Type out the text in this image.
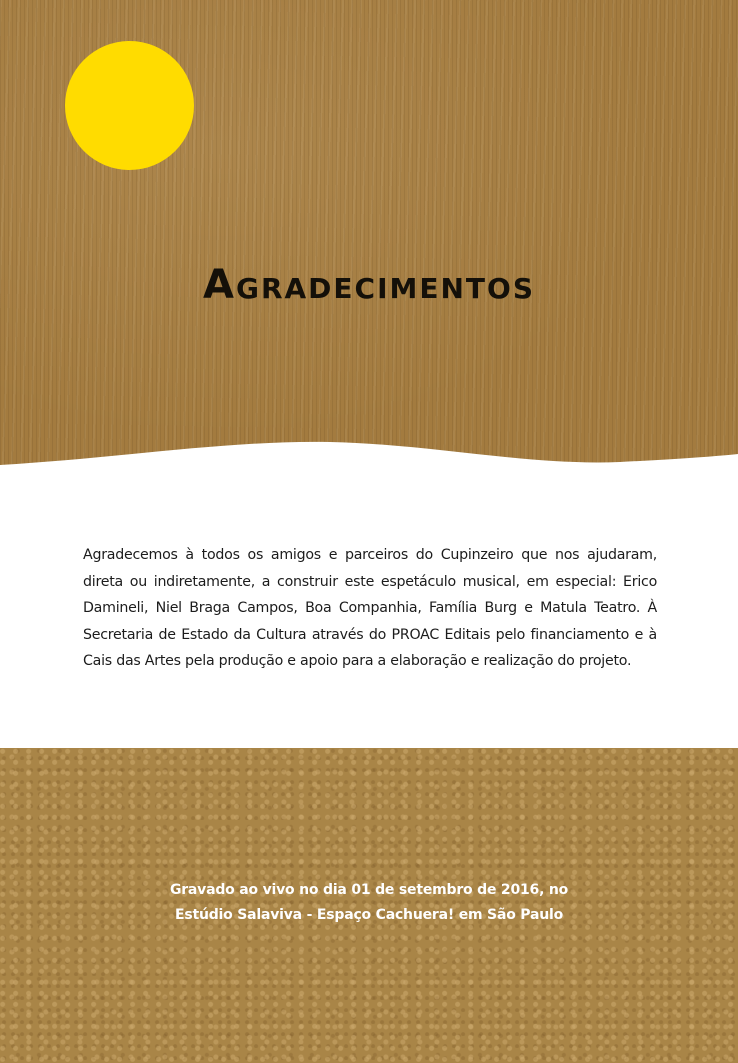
Agradecimentos

Agradecemos à todos os amigos e parceiros do Cupinzeiro que nos ajudaram, direta ou indiretamente, a construir este espetáculo musical, em especial: Erico Damineli, Niel Braga Campos, Boa Companhia, Família Burg e Matula Teatro. À Secretaria de Estado da Cultura através do PROAC Editais pelo financiamento e à Cais das Artes pela produção e apoio para a elaboração e realização do projeto.

Gravado ao vivo no dia 01 de setembro de 2016, no
Estúdio Salaviva - Espaço Cachuera! em São Paulo
